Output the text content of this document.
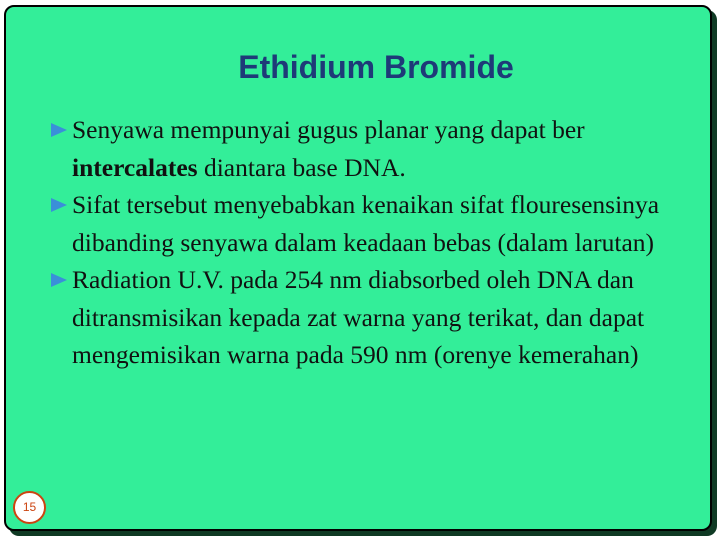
Ethidium Bromide
Senyawa mempunyai gugus planar yang dapat ber intercalates diantara base DNA.
Sifat tersebut menyebabkan kenaikan sifat flouresensinya dibanding senyawa dalam keadaan bebas (dalam larutan)
Radiation U.V. pada 254 nm diabsorbed oleh DNA dan ditransmisikan kepada zat warna yang terikat, dan dapat mengemisikan warna pada 590 nm (orenye kemerahan)
15
